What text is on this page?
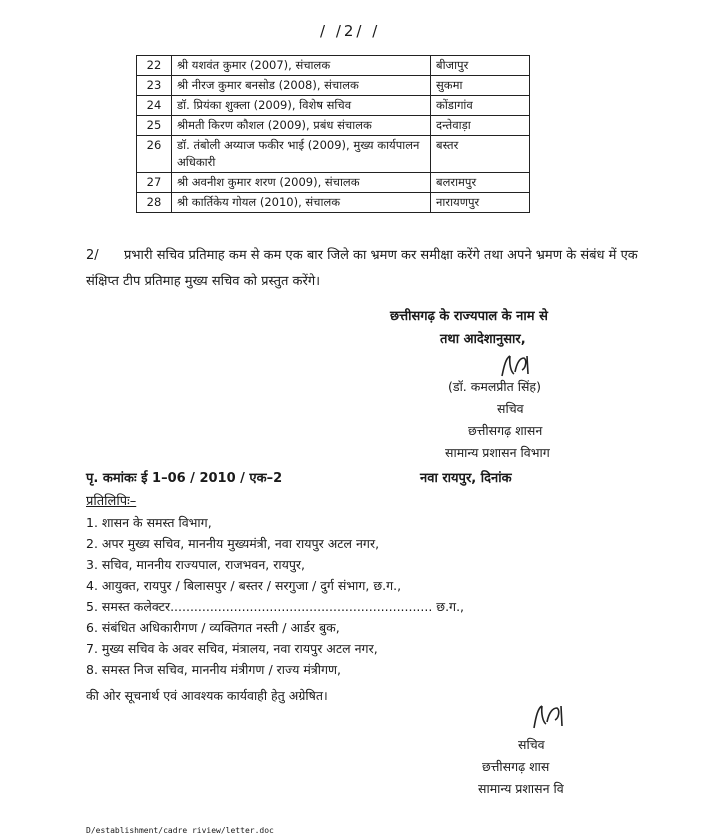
/ /2/ /
22	श्री यशवंत कुमार (2007), संचालक	बीजापुर
23	श्री नीरज कुमार बनसोड (2008), संचालक	सुकमा
24	डॉ. प्रियंका शुक्ला (2009), विशेष सचिव	कोंडागांव
25	श्रीमती किरण कौशल (2009), प्रबंध संचालक	दन्तेवाड़ा
26	डॉ. तंबोली अय्याज फकीर भाई (2009), मुख्य कार्यपालन अधिकारी	बस्तर
27	श्री अवनीश कुमार शरण (2009), संचालक	बलरामपुर
28	श्री कार्तिकेय गोयल (2010), संचालक	नारायणपुर
2/ प्रभारी सचिव प्रतिमाह कम से कम एक बार जिले का भ्रमण कर समीक्षा करेंगे तथा अपने भ्रमण के संबंध में एक संक्षिप्त टीप प्रतिमाह मुख्य सचिव को प्रस्तुत करेंगे।
छत्तीसगढ़ के राज्यपाल के नाम से
तथा आदेशानुसार,
(डॉ. कमलप्रीत सिंह)
सचिव
छत्तीसगढ़ शासन
सामान्य प्रशासन विभाग
पृ. कमांकः ई 1–06 / 2010 / एक–2	नवा रायपुर, दिनांक
प्रतिलिपिः–
1. शासन के समस्त विभाग,
2. अपर मुख्य सचिव, माननीय मुख्यमंत्री, नवा रायपुर अटल नगर,
3. सचिव, माननीय राज्यपाल, राजभवन, रायपुर,
4. आयुक्त, रायपुर / बिलासपुर / बस्तर / सरगुजा / दुर्ग संभाग, छ.ग.,
5. समस्त कलेक्टर.................................................................. छ.ग.,
6. संबंधित अधिकारीगण / व्यक्तिगत नस्ती / आर्डर बुक,
7. मुख्य सचिव के अवर सचिव, मंत्रालय, नवा रायपुर अटल नगर,
8. समस्त निज सचिव, माननीय मंत्रीगण / राज्य मंत्रीगण,
की ओर सूचनार्थ एवं आवश्यक कार्यवाही हेतु अग्रेषित।
सचिव
छत्तीसगढ़ शास
सामान्य प्रशासन वि
D/establishment/cadre riview/letter.doc
